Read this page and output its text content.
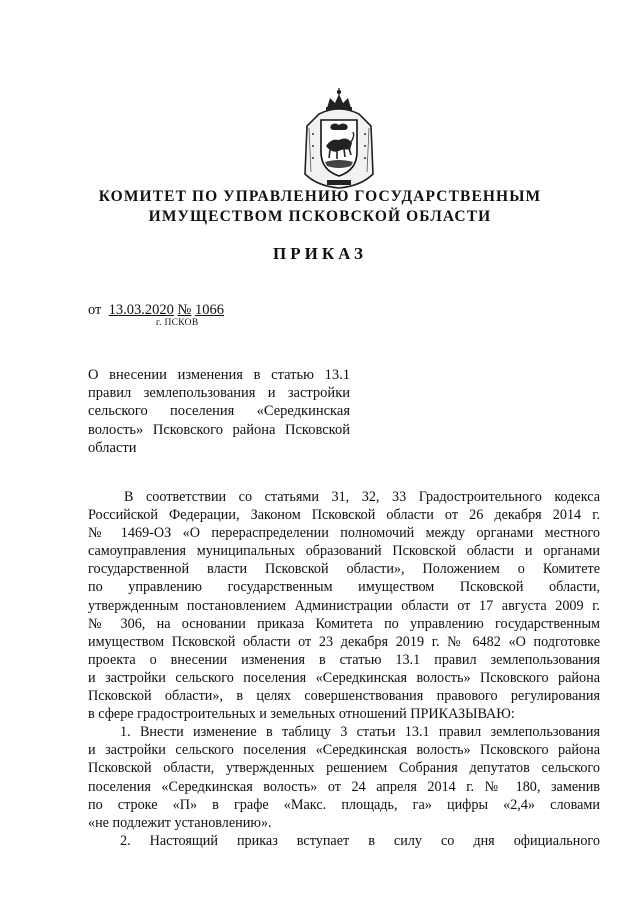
КОМИТЕТ ПО УПРАВЛЕНИЮ ГОСУДАРСТВЕННЫМ
ИМУЩЕСТВОМ ПСКОВСКОЙ ОБЛАСТИ
ПРИКАЗ
от 13.03.2020 № 1066
г. ПСКОВ
О внесении изменения в статью 13.1
правил землепользования и застройки
сельского поселения «Середкинская
волость» Псковского района Псковской
области
В соответствии со статьями 31, 32, 33 Градостроительного кодекса
Российской Федерации, Законом Псковской области от 26 декабря 2014 г.
№ 1469-ОЗ «О перераспределении полномочий между органами местного
самоуправления муниципальных образований Псковской области и органами
государственной власти Псковской области», Положением о Комитете
по управлению государственным имуществом Псковской области,
утвержденным постановлением Администрации области от 17 августа 2009 г.
№ 306, на основании приказа Комитета по управлению государственным
имуществом Псковской области от 23 декабря 2019 г. № 6482 «О подготовке
проекта о внесении изменения в статью 13.1 правил землепользования
и застройки сельского поселения «Середкинская волость» Псковского района
Псковской области», в целях совершенствования правового регулирования
в сфере градостроительных и земельных отношений ПРИКАЗЫВАЮ:
1. Внести изменение в таблицу 3 статьи 13.1 правил землепользования
и застройки сельского поселения «Середкинская волость» Псковского района
Псковской области, утвержденных решением Собрания депутатов сельского
поселения «Середкинская волость» от 24 апреля 2014 г. № 180, заменив
по строке «П» в графе «Макс. площадь, га» цифры «2,4» словами
«не подлежит установлению».
2. Настоящий приказ вступает в силу со дня официального
